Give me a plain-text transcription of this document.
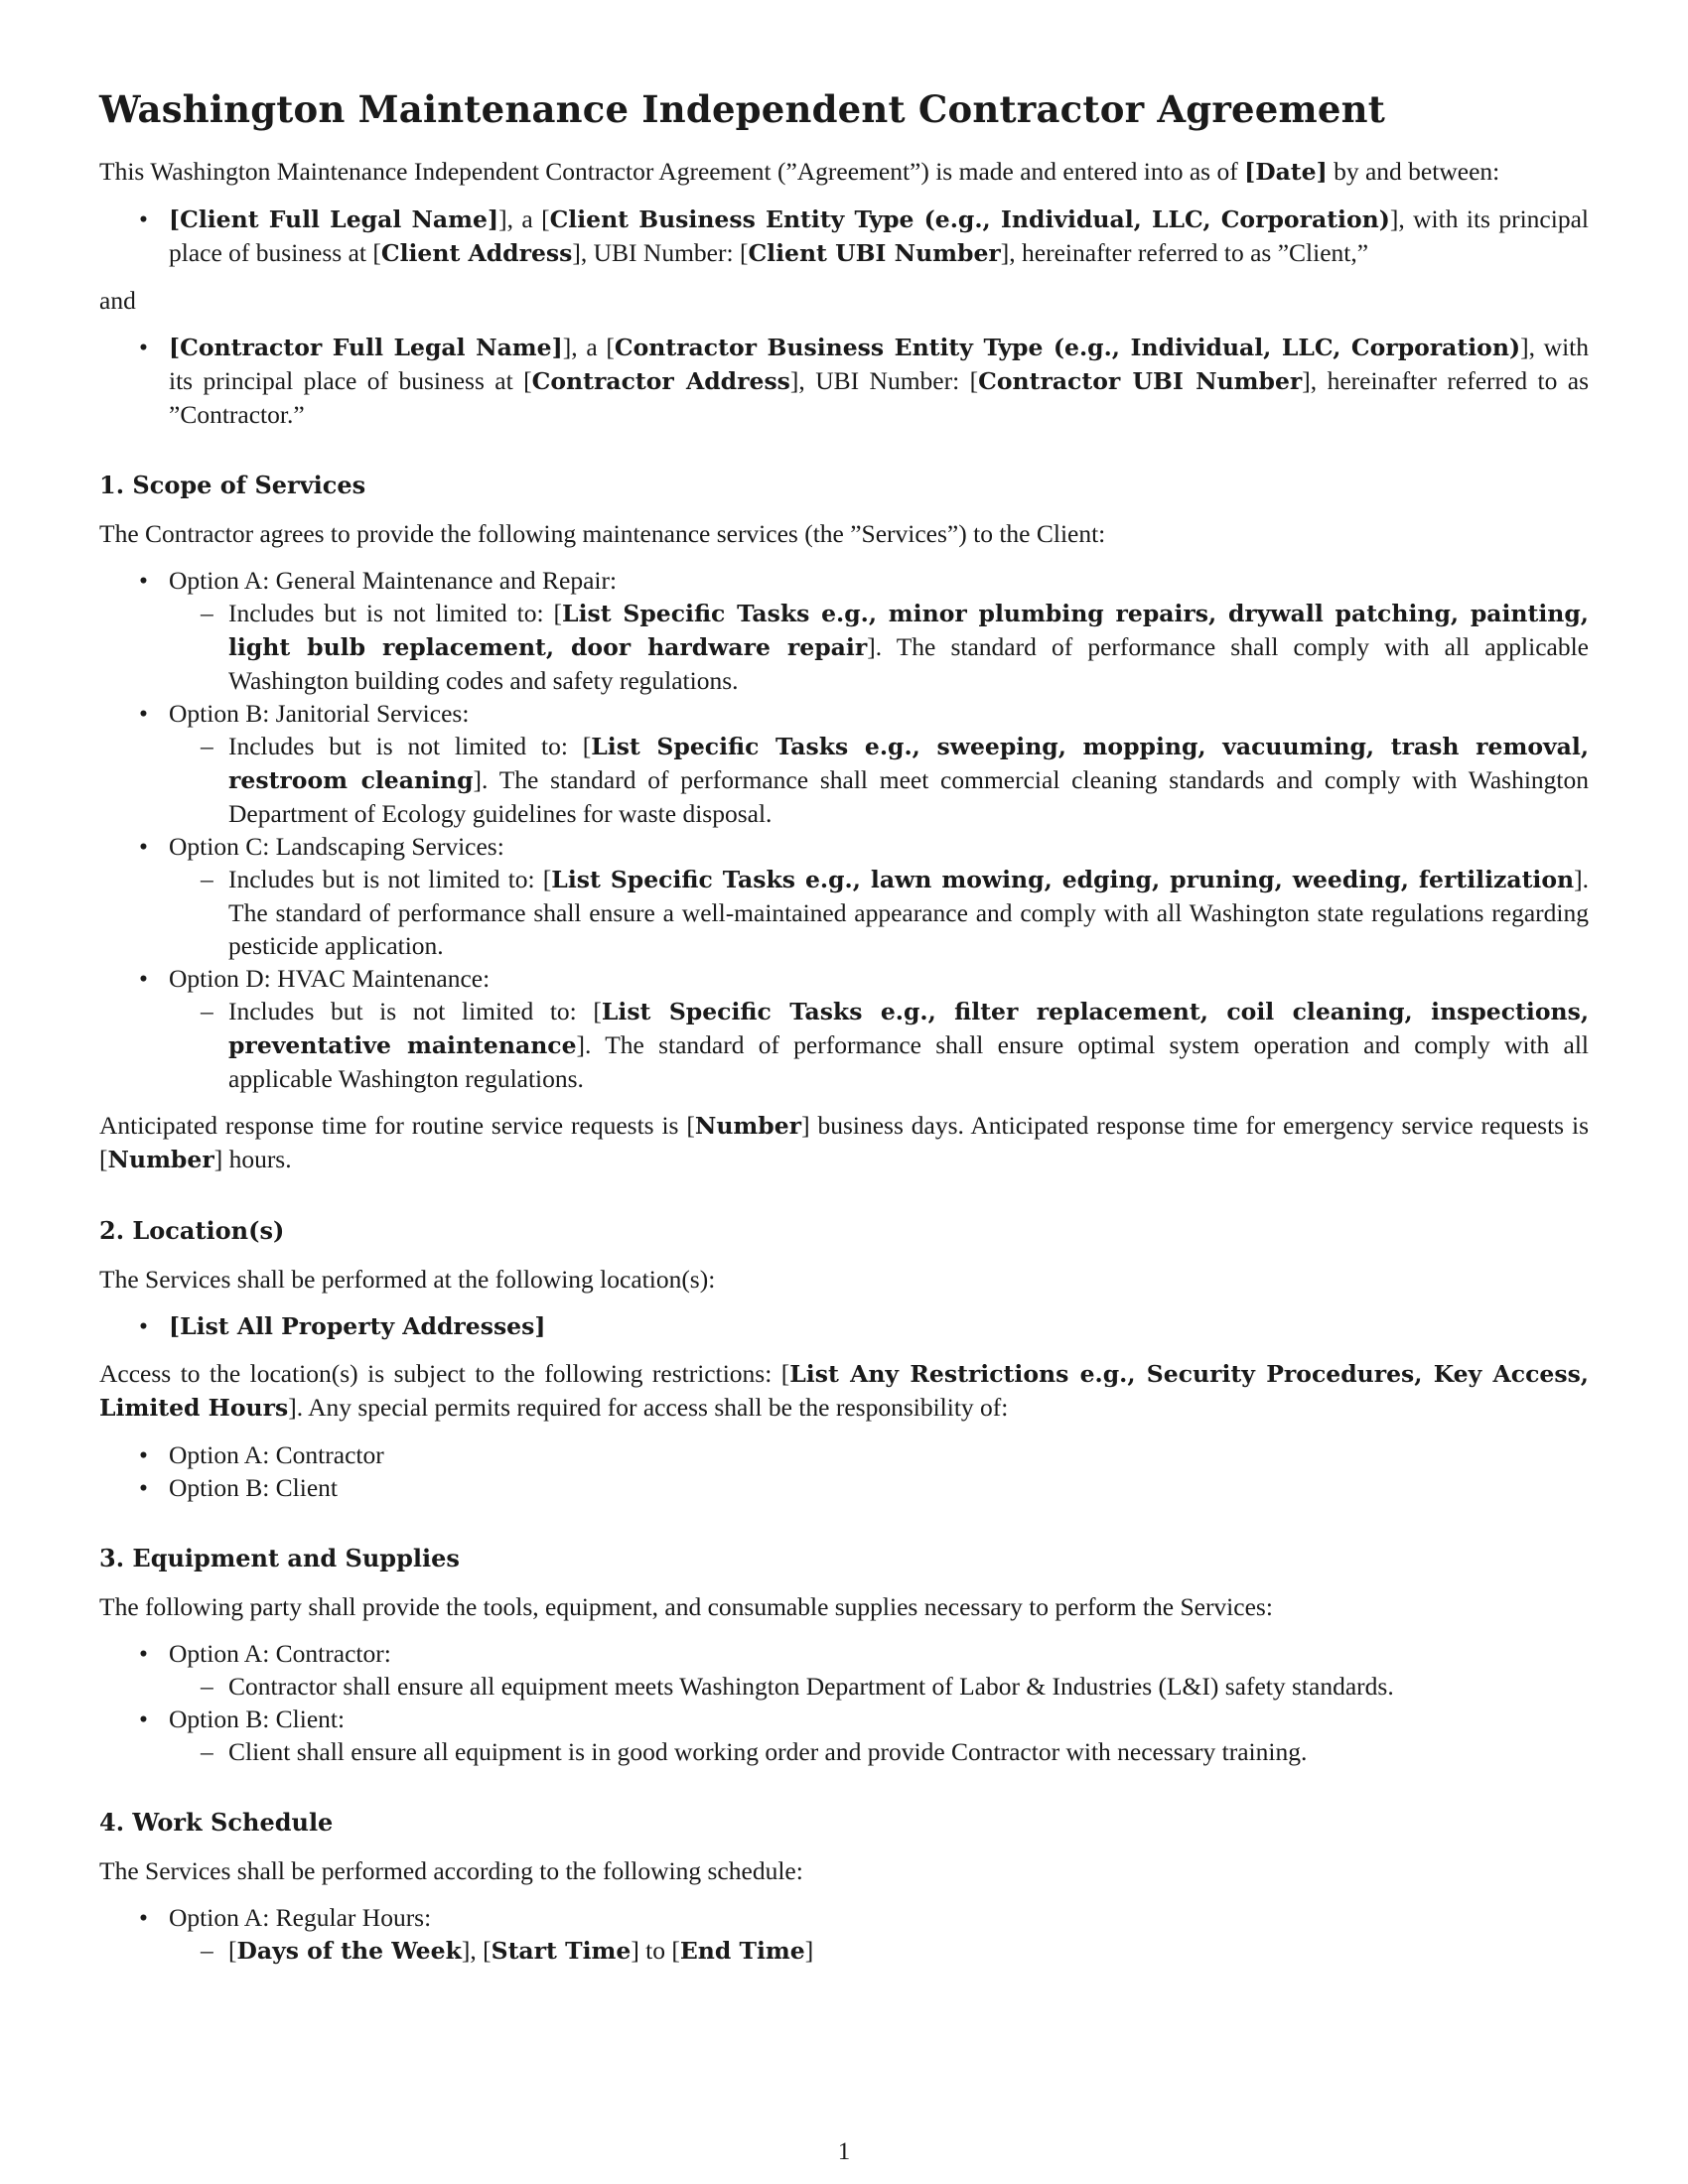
Washington Maintenance Independent Contractor Agreement

This Washington Maintenance Independent Contractor Agreement (”Agreement”) is made and entered into as of [Date] by and between:

• [Client Full Legal Name]], a [Client Business Entity Type (e.g., Individual, LLC, Corporation)], with its principal place of business at [Client Address], UBI Number: [Client UBI Number], hereinafter referred to as ”Client,”

and

• [Contractor Full Legal Name]], a [Contractor Business Entity Type (e.g., Individual, LLC, Corporation)], with its principal place of business at [Contractor Address], UBI Number: [Contractor UBI Number], hereinafter referred to as ”Contractor.”
1. Scope of Services

The Contractor agrees to provide the following maintenance services (the ”Services”) to the Client:

• Option A: General Maintenance and Repair:
– Includes but is not limited to: [List Specific Tasks e.g., minor plumbing repairs, drywall patching, painting, light bulb replacement, door hardware repair]. The standard of performance shall comply with all applicable Washington building codes and safety regulations.
• Option B: Janitorial Services:
– Includes but is not limited to: [List Specific Tasks e.g., sweeping, mopping, vacuuming, trash removal, restroom cleaning]. The standard of performance shall meet commercial cleaning standards and comply with Washington Department of Ecology guidelines for waste disposal.
• Option C: Landscaping Services:
– Includes but is not limited to: [List Specific Tasks e.g., lawn mowing, edging, pruning, weeding, fertilization]. The standard of performance shall ensure a well-maintained appearance and comply with all Washington state regulations regarding pesticide application.
• Option D: HVAC Maintenance:
– Includes but is not limited to: [List Specific Tasks e.g., filter replacement, coil cleaning, inspections, preventative maintenance]. The standard of performance shall ensure optimal system operation and comply with all applicable Washington regulations.

Anticipated response time for routine service requests is [Number] business days. Anticipated response time for emergency service requests is [Number] hours.

2. Location(s)

The Services shall be performed at the following location(s):

• [List All Property Addresses]

Access to the location(s) is subject to the following restrictions: [List Any Restrictions e.g., Security Procedures, Key Access, Limited Hours]. Any special permits required for access shall be the responsibility of:

• Option A: Contractor
• Option B: Client
3. Equipment and Supplies

The following party shall provide the tools, equipment, and consumable supplies necessary to perform the Services:

• Option A: Contractor:
– Contractor shall ensure all equipment meets Washington Department of Labor & Industries (L&I) safety standards.
• Option B: Client:
– Client shall ensure all equipment is in good working order and provide Contractor with necessary training.
4. Work Schedule

The Services shall be performed according to the following schedule:

• Option A: Regular Hours:
– [Days of the Week], [Start Time] to [End Time]
1
